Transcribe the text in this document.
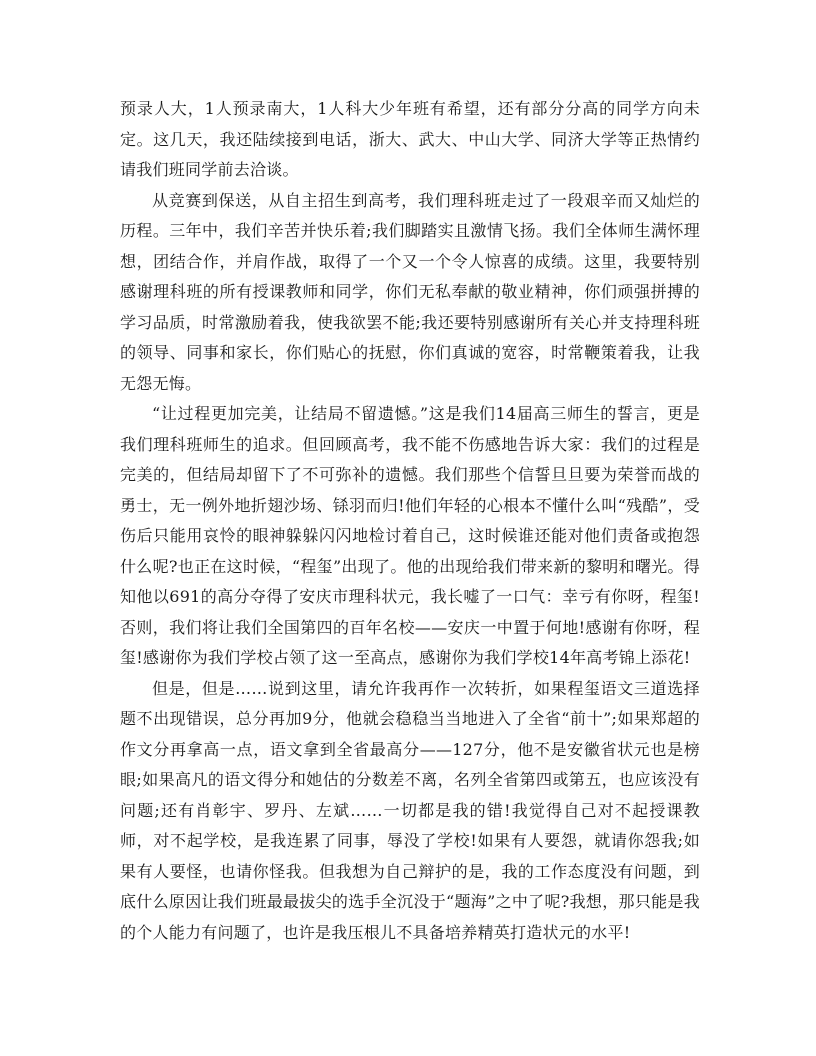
预录人大，1人预录南大，1人科大少年班有希望，还有部分分高的同学方向未定。这几天，我还陆续接到电话，浙大、武大、中山大学、同济大学等正热情约请我们班同学前去洽谈。

从竞赛到保送，从自主招生到高考，我们理科班走过了一段艰辛而又灿烂的历程。三年中，我们辛苦并快乐着;我们脚踏实且激情飞扬。我们全体师生满怀理想，团结合作，并肩作战，取得了一个又一个令人惊喜的成绩。这里，我要特别感谢理科班的所有授课教师和同学，你们无私奉献的敬业精神，你们顽强拼搏的学习品质，时常激励着我，使我欲罢不能;我还要特别感谢所有关心并支持理科班的领导、同事和家长，你们贴心的抚慰，你们真诚的宽容，时常鞭策着我，让我无怨无悔。

“让过程更加完美，让结局不留遗憾。”这是我们14届高三师生的誓言，更是我们理科班师生的追求。但回顾高考，我不能不伤感地告诉大家：我们的过程是完美的，但结局却留下了不可弥补的遗憾。我们那些个信誓旦旦要为荣誉而战的勇士，无一例外地折翅沙场、铩羽而归!他们年轻的心根本不懂什么叫“残酷”，受伤后只能用哀怜的眼神躲躲闪闪地检讨着自己，这时候谁还能对他们责备或抱怨什么呢?也正在这时候，“程玺”出现了。他的出现给我们带来新的黎明和曙光。得知他以691的高分夺得了安庆市理科状元，我长嘘了一口气：幸亏有你呀，程玺!否则，我们将让我们全国第四的百年名校——安庆一中置于何地!感谢有你呀，程玺!感谢你为我们学校占领了这一至高点，感谢你为我们学校14年高考锦上添花!

但是，但是……说到这里，请允许我再作一次转折，如果程玺语文三道选择题不出现错误，总分再加9分，他就会稳稳当当地进入了全省“前十”;如果郑超的作文分再拿高一点，语文拿到全省最高分——127分，他不是安徽省状元也是榜眼;如果高凡的语文得分和她估的分数差不离，名列全省第四或第五，也应该没有问题;还有肖彰宇、罗丹、左斌……一切都是我的错!我觉得自己对不起授课教师，对不起学校，是我连累了同事，辱没了学校!如果有人要怨，就请你怨我;如果有人要怪，也请你怪我。但我想为自己辩护的是，我的工作态度没有问题，到底什么原因让我们班最最拔尖的选手全沉没于“题海”之中了呢?我想，那只能是我的个人能力有问题了，也许是我压根儿不具备培养精英打造状元的水平!
